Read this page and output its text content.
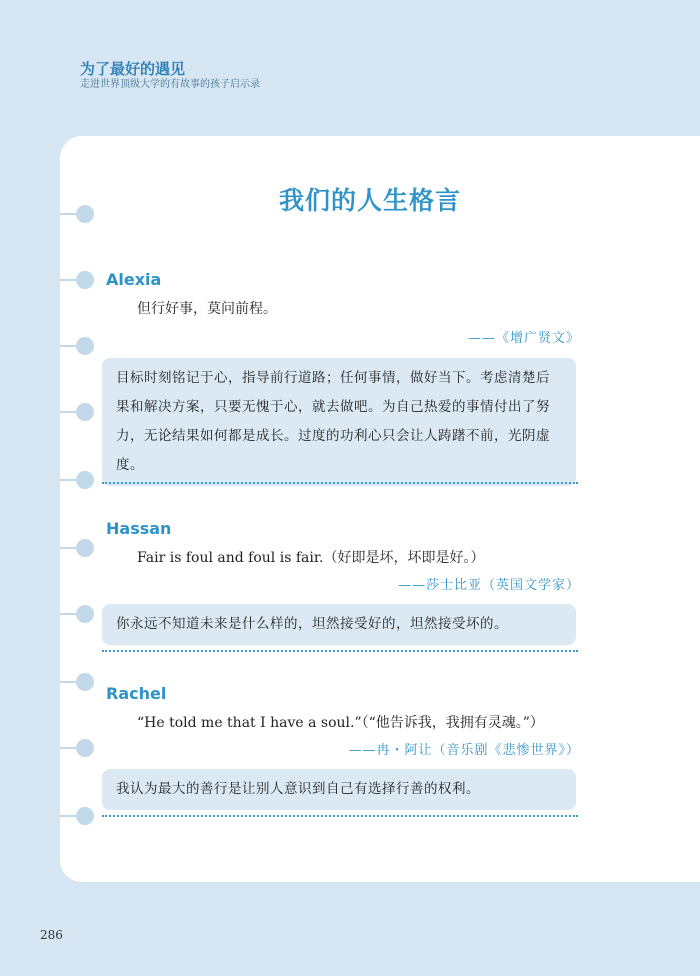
为了最好的遇见
走进世界顶级大学的有故事的孩子启示录
我们的人生格言
Alexia
但行好事，莫问前程。
——《增广贤文》
目标时刻铭记于心，指导前行道路；任何事情，做好当下。考虑清楚后果和解决方案，只要无愧于心，就去做吧。为自己热爱的事情付出了努力，无论结果如何都是成长。过度的功利心只会让人踌躇不前，光阴虚度。
Hassan
Fair is foul and foul is fair.（好即是坏，坏即是好。）
——莎士比亚（英国文学家）
你永远不知道未来是什么样的，坦然接受好的，坦然接受坏的。
Rachel
“He told me that I have a soul.”（“他告诉我，我拥有灵魂。”）
——冉・阿让（音乐剧《悲惨世界》）
我认为最大的善行是让别人意识到自己有选择行善的权利。
286
